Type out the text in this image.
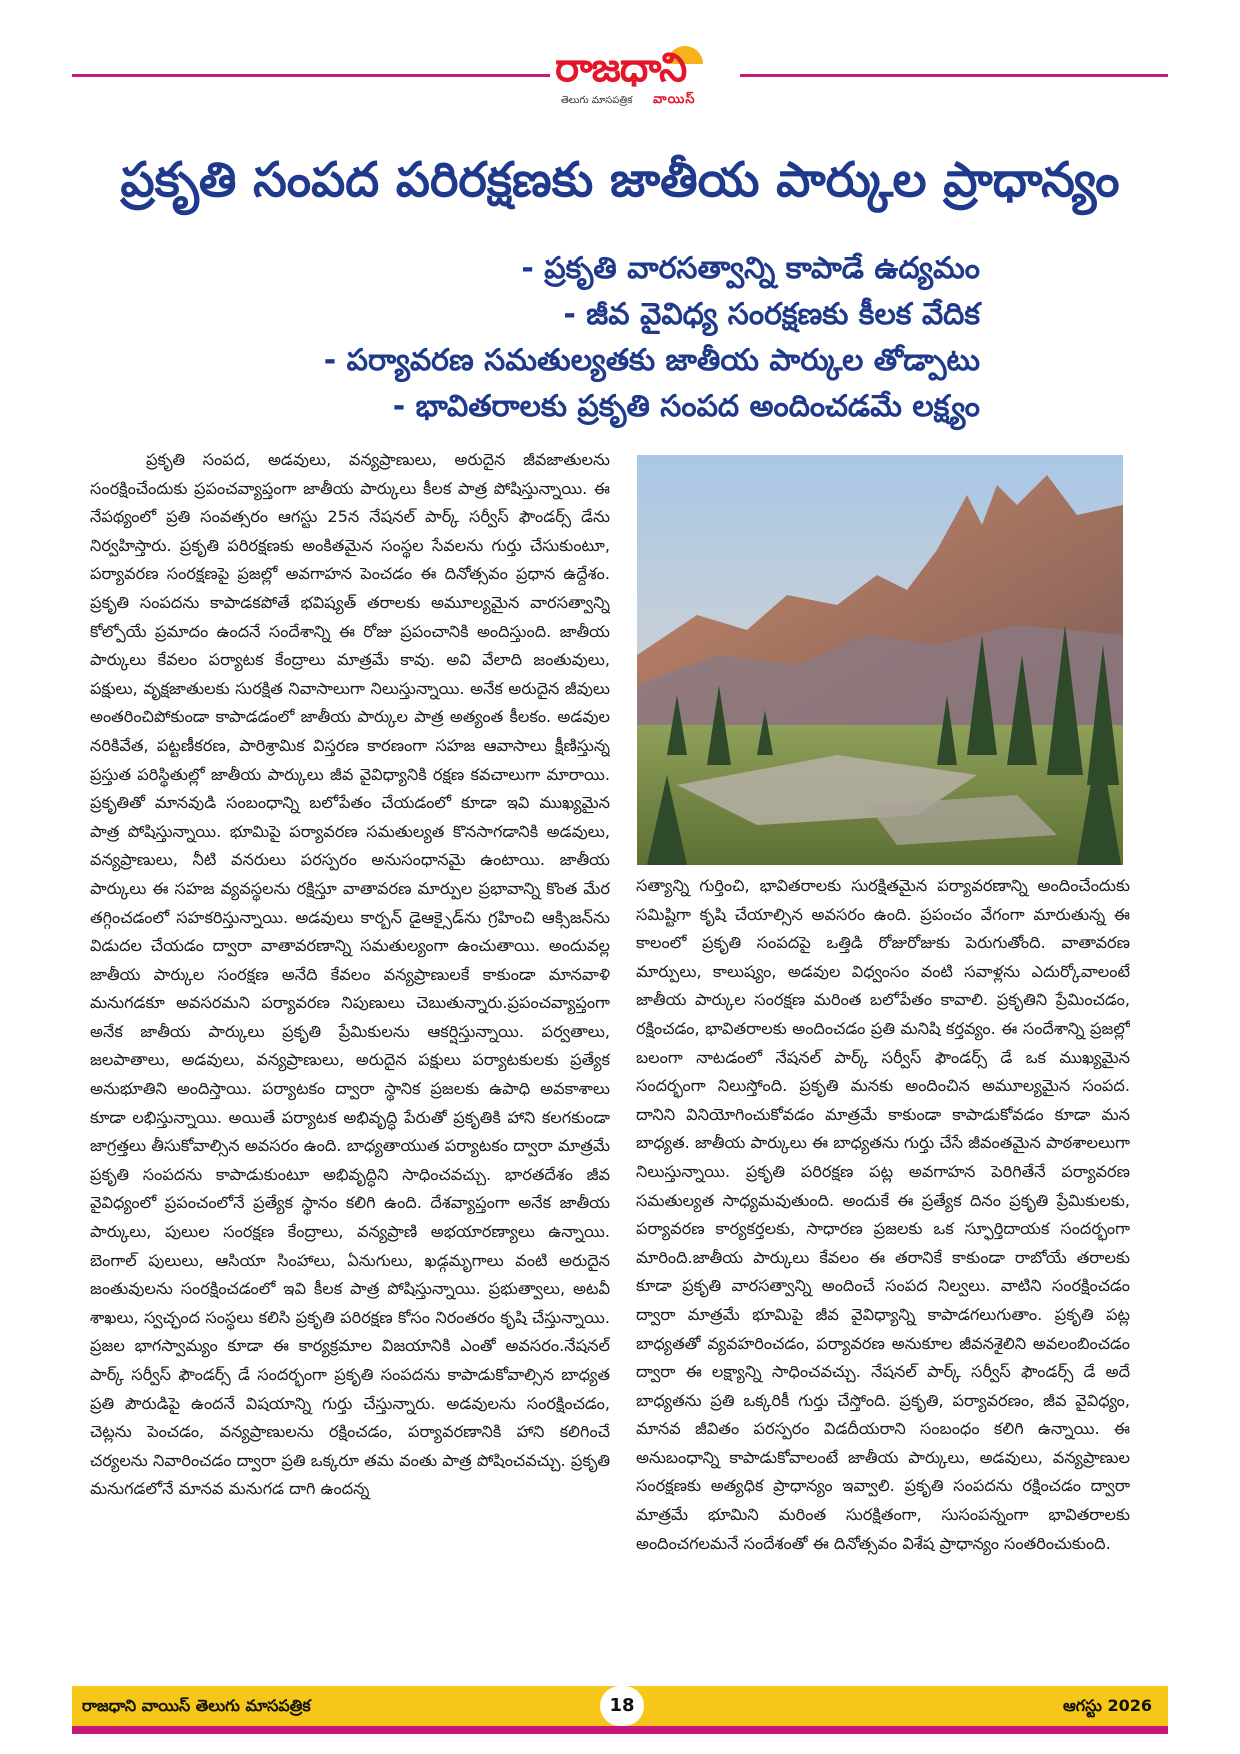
రాజధాని
తెలుగు మాసపత్రిక వాయిస్
ప్రకృతి సంపద పరిరక్షణకు జాతీయ పార్కుల ప్రాధాన్యం
- ప్రకృతి వారసత్వాన్ని కాపాడే ఉద్యమం
- జీవ వైవిధ్య సంరక్షణకు కీలక వేదిక
- పర్యావరణ సమతుల్యతకు జాతీయ పార్కుల తోడ్పాటు
- భావితరాలకు ప్రకృతి సంపద అందించడమే లక్ష్యం

ప్రకృతి సంపద, అడవులు, వన్యప్రాణులు, అరుదైన జీవజాతులను సంరక్షించేందుకు ప్రపంచవ్యాప్తంగా జాతీయ పార్కులు కీలక పాత్ర పోషిస్తున్నాయి. ఈ నేపథ్యంలో ప్రతి సంవత్సరం ఆగస్టు 25న నేషనల్ పార్క్ సర్వీస్ ఫౌండర్స్ డేను నిర్వహిస్తారు. ప్రకృతి పరిరక్షణకు అంకితమైన సంస్థల సేవలను గుర్తు చేసుకుంటూ, పర్యావరణ సంరక్షణపై ప్రజల్లో అవగాహన పెంచడం ఈ దినోత్సవం ప్రధాన ఉద్దేశం. ప్రకృతి సంపదను కాపాడకపోతే భవిష్యత్ తరాలకు అమూల్యమైన వారసత్వాన్ని కోల్పోయే ప్రమాదం ఉందనే సందేశాన్ని ఈ రోజు ప్రపంచానికి అందిస్తుంది. జాతీయ పార్కులు కేవలం పర్యాటక కేంద్రాలు మాత్రమే కావు. అవి వేలాది జంతువులు, పక్షులు, వృక్షజాతులకు సురక్షిత నివాసాలుగా నిలుస్తున్నాయి. అనేక అరుదైన జీవులు అంతరించిపోకుండా కాపాడడంలో జాతీయ పార్కుల పాత్ర అత్యంత కీలకం. అడవుల నరికివేత, పట్టణీకరణ, పారిశ్రామిక విస్తరణ కారణంగా సహజ ఆవాసాలు క్షీణిస్తున్న ప్రస్తుత పరిస్థితుల్లో జాతీయ పార్కులు జీవ వైవిధ్యానికి రక్షణ కవచాలుగా మారాయి. ప్రకృతితో మానవుడి సంబంధాన్ని బలోపేతం చేయడంలో కూడా ఇవి ముఖ్యమైన పాత్ర పోషిస్తున్నాయి. భూమిపై పర్యావరణ సమతుల్యత కొనసాగడానికి అడవులు, వన్యప్రాణులు, నీటి వనరులు పరస్పరం అనుసంధానమై ఉంటాయి. జాతీయ పార్కులు ఈ సహజ వ్యవస్థలను రక్షిస్తూ వాతావరణ మార్పుల ప్రభావాన్ని కొంత మేర తగ్గించడంలో సహకరిస్తున్నాయి. అడవులు కార్బన్ డైఆక్సైడ్‌ను గ్రహించి ఆక్సిజన్‌ను విడుదల చేయడం ద్వారా వాతావరణాన్ని సమతుల్యంగా ఉంచుతాయి. అందువల్ల జాతీయ పార్కుల సంరక్షణ అనేది కేవలం వన్యప్రాణులకే కాకుండా మానవాళి మనుగడకూ అవసరమని పర్యావరణ నిపుణులు చెబుతున్నారు.ప్రపంచవ్యాప్తంగా అనేక జాతీయ పార్కులు ప్రకృతి ప్రేమికులను ఆకర్షిస్తున్నాయి. పర్వతాలు, జలపాతాలు, అడవులు, వన్యప్రాణులు, అరుదైన పక్షులు పర్యాటకులకు ప్రత్యేక అనుభూతిని అందిస్తాయి. పర్యాటకం ద్వారా స్థానిక ప్రజలకు ఉపాధి అవకాశాలు కూడా లభిస్తున్నాయి. అయితే పర్యాటక అభివృద్ధి పేరుతో ప్రకృతికి హాని కలగకుండా జాగ్రత్తలు తీసుకోవాల్సిన అవసరం ఉంది. బాధ్యతాయుత పర్యాటకం ద్వారా మాత్రమే ప్రకృతి సంపదను కాపాడుకుంటూ అభివృద్ధిని సాధించవచ్చు. భారతదేశం జీవ వైవిధ్యంలో ప్రపంచంలోనే ప్రత్యేక స్థానం కలిగి ఉంది. దేశవ్యాప్తంగా అనేక జాతీయ పార్కులు, పులుల సంరక్షణ కేంద్రాలు, వన్యప్రాణి అభయారణ్యాలు ఉన్నాయి. బెంగాల్ పులులు, ఆసియా సింహాలు, ఏనుగులు, ఖడ్గమృగాలు వంటి అరుదైన జంతువులను సంరక్షించడంలో ఇవి కీలక పాత్ర పోషిస్తున్నాయి. ప్రభుత్వాలు, అటవీ శాఖలు, స్వచ్ఛంద సంస్థలు కలిసి ప్రకృతి పరిరక్షణ కోసం నిరంతరం కృషి చేస్తున్నాయి. ప్రజల భాగస్వామ్యం కూడా ఈ కార్యక్రమాల విజయానికి ఎంతో అవసరం.నేషనల్ పార్క్ సర్వీస్ ఫౌండర్స్ డే సందర్భంగా ప్రకృతి సంపదను కాపాడుకోవాల్సిన బాధ్యత ప్రతి పౌరుడిపై ఉందనే విషయాన్ని గుర్తు చేస్తున్నారు. అడవులను సంరక్షించడం, చెట్లను పెంచడం, వన్యప్రాణులను రక్షించడం, పర్యావరణానికి హాని కలిగించే చర్యలను నివారించడం ద్వారా ప్రతి ఒక్కరూ తమ వంతు పాత్ర పోషించవచ్చు. ప్రకృతి మనుగడలోనే మానవ మనుగడ దాగి ఉందన్న

సత్యాన్ని గుర్తించి, భావితరాలకు సురక్షితమైన పర్యావరణాన్ని అందించేందుకు సమిష్టిగా కృషి చేయాల్సిన అవసరం ఉంది. ప్రపంచం వేగంగా మారుతున్న ఈ కాలంలో ప్రకృతి సంపదపై ఒత్తిడి రోజురోజుకు పెరుగుతోంది. వాతావరణ మార్పులు, కాలుష్యం, అడవుల విధ్వంసం వంటి సవాళ్లను ఎదుర్కోవాలంటే జాతీయ పార్కుల సంరక్షణ మరింత బలోపేతం కావాలి. ప్రకృతిని ప్రేమించడం, రక్షించడం, భావితరాలకు అందించడం ప్రతి మనిషి కర్తవ్యం. ఈ సందేశాన్ని ప్రజల్లో బలంగా నాటడంలో నేషనల్ పార్క్ సర్వీస్ ఫౌండర్స్ డే ఒక ముఖ్యమైన సందర్భంగా నిలుస్తోంది. ప్రకృతి మనకు అందించిన అమూల్యమైన సంపద. దానిని వినియోగించుకోవడం మాత్రమే కాకుండా కాపాడుకోవడం కూడా మన బాధ్యత. జాతీయ పార్కులు ఈ బాధ్యతను గుర్తు చేసే జీవంతమైన పాఠశాలలుగా నిలుస్తున్నాయి. ప్రకృతి పరిరక్షణ పట్ల అవగాహన పెరిగితేనే పర్యావరణ సమతుల్యత సాధ్యమవుతుంది. అందుకే ఈ ప్రత్యేక దినం ప్రకృతి ప్రేమికులకు, పర్యావరణ కార్యకర్తలకు, సాధారణ ప్రజలకు ఒక స్ఫూర్తిదాయక సందర్భంగా మారింది.జాతీయ పార్కులు కేవలం ఈ తరానికే కాకుండా రాబోయే తరాలకు కూడా ప్రకృతి వారసత్వాన్ని అందించే సంపద నిల్వలు. వాటిని సంరక్షించడం ద్వారా మాత్రమే భూమిపై జీవ వైవిధ్యాన్ని కాపాడగలుగుతాం. ప్రకృతి పట్ల బాధ్యతతో వ్యవహరించడం, పర్యావరణ అనుకూల జీవనశైలిని అవలంబించడం ద్వారా ఈ లక్ష్యాన్ని సాధించవచ్చు. నేషనల్ పార్క్ సర్వీస్ ఫౌండర్స్ డే అదే బాధ్యతను ప్రతి ఒక్కరికీ గుర్తు చేస్తోంది. ప్రకృతి, పర్యావరణం, జీవ వైవిధ్యం, మానవ జీవితం పరస్పరం విడదీయరాని సంబంధం కలిగి ఉన్నాయి. ఈ అనుబంధాన్ని కాపాడుకోవాలంటే జాతీయ పార్కులు, అడవులు, వన్యప్రాణుల సంరక్షణకు అత్యధిక ప్రాధాన్యం ఇవ్వాలి. ప్రకృతి సంపదను రక్షించడం ద్వారా మాత్రమే భూమిని మరింత సురక్షితంగా, సుసంపన్నంగా భావితరాలకు అందించగలమనే సందేశంతో ఈ దినోత్సవం విశేష ప్రాధాన్యం సంతరించుకుంది.

రాజధాని వాయిస్ తెలుగు మాసపత్రిక	18	ఆగస్టు 2026
